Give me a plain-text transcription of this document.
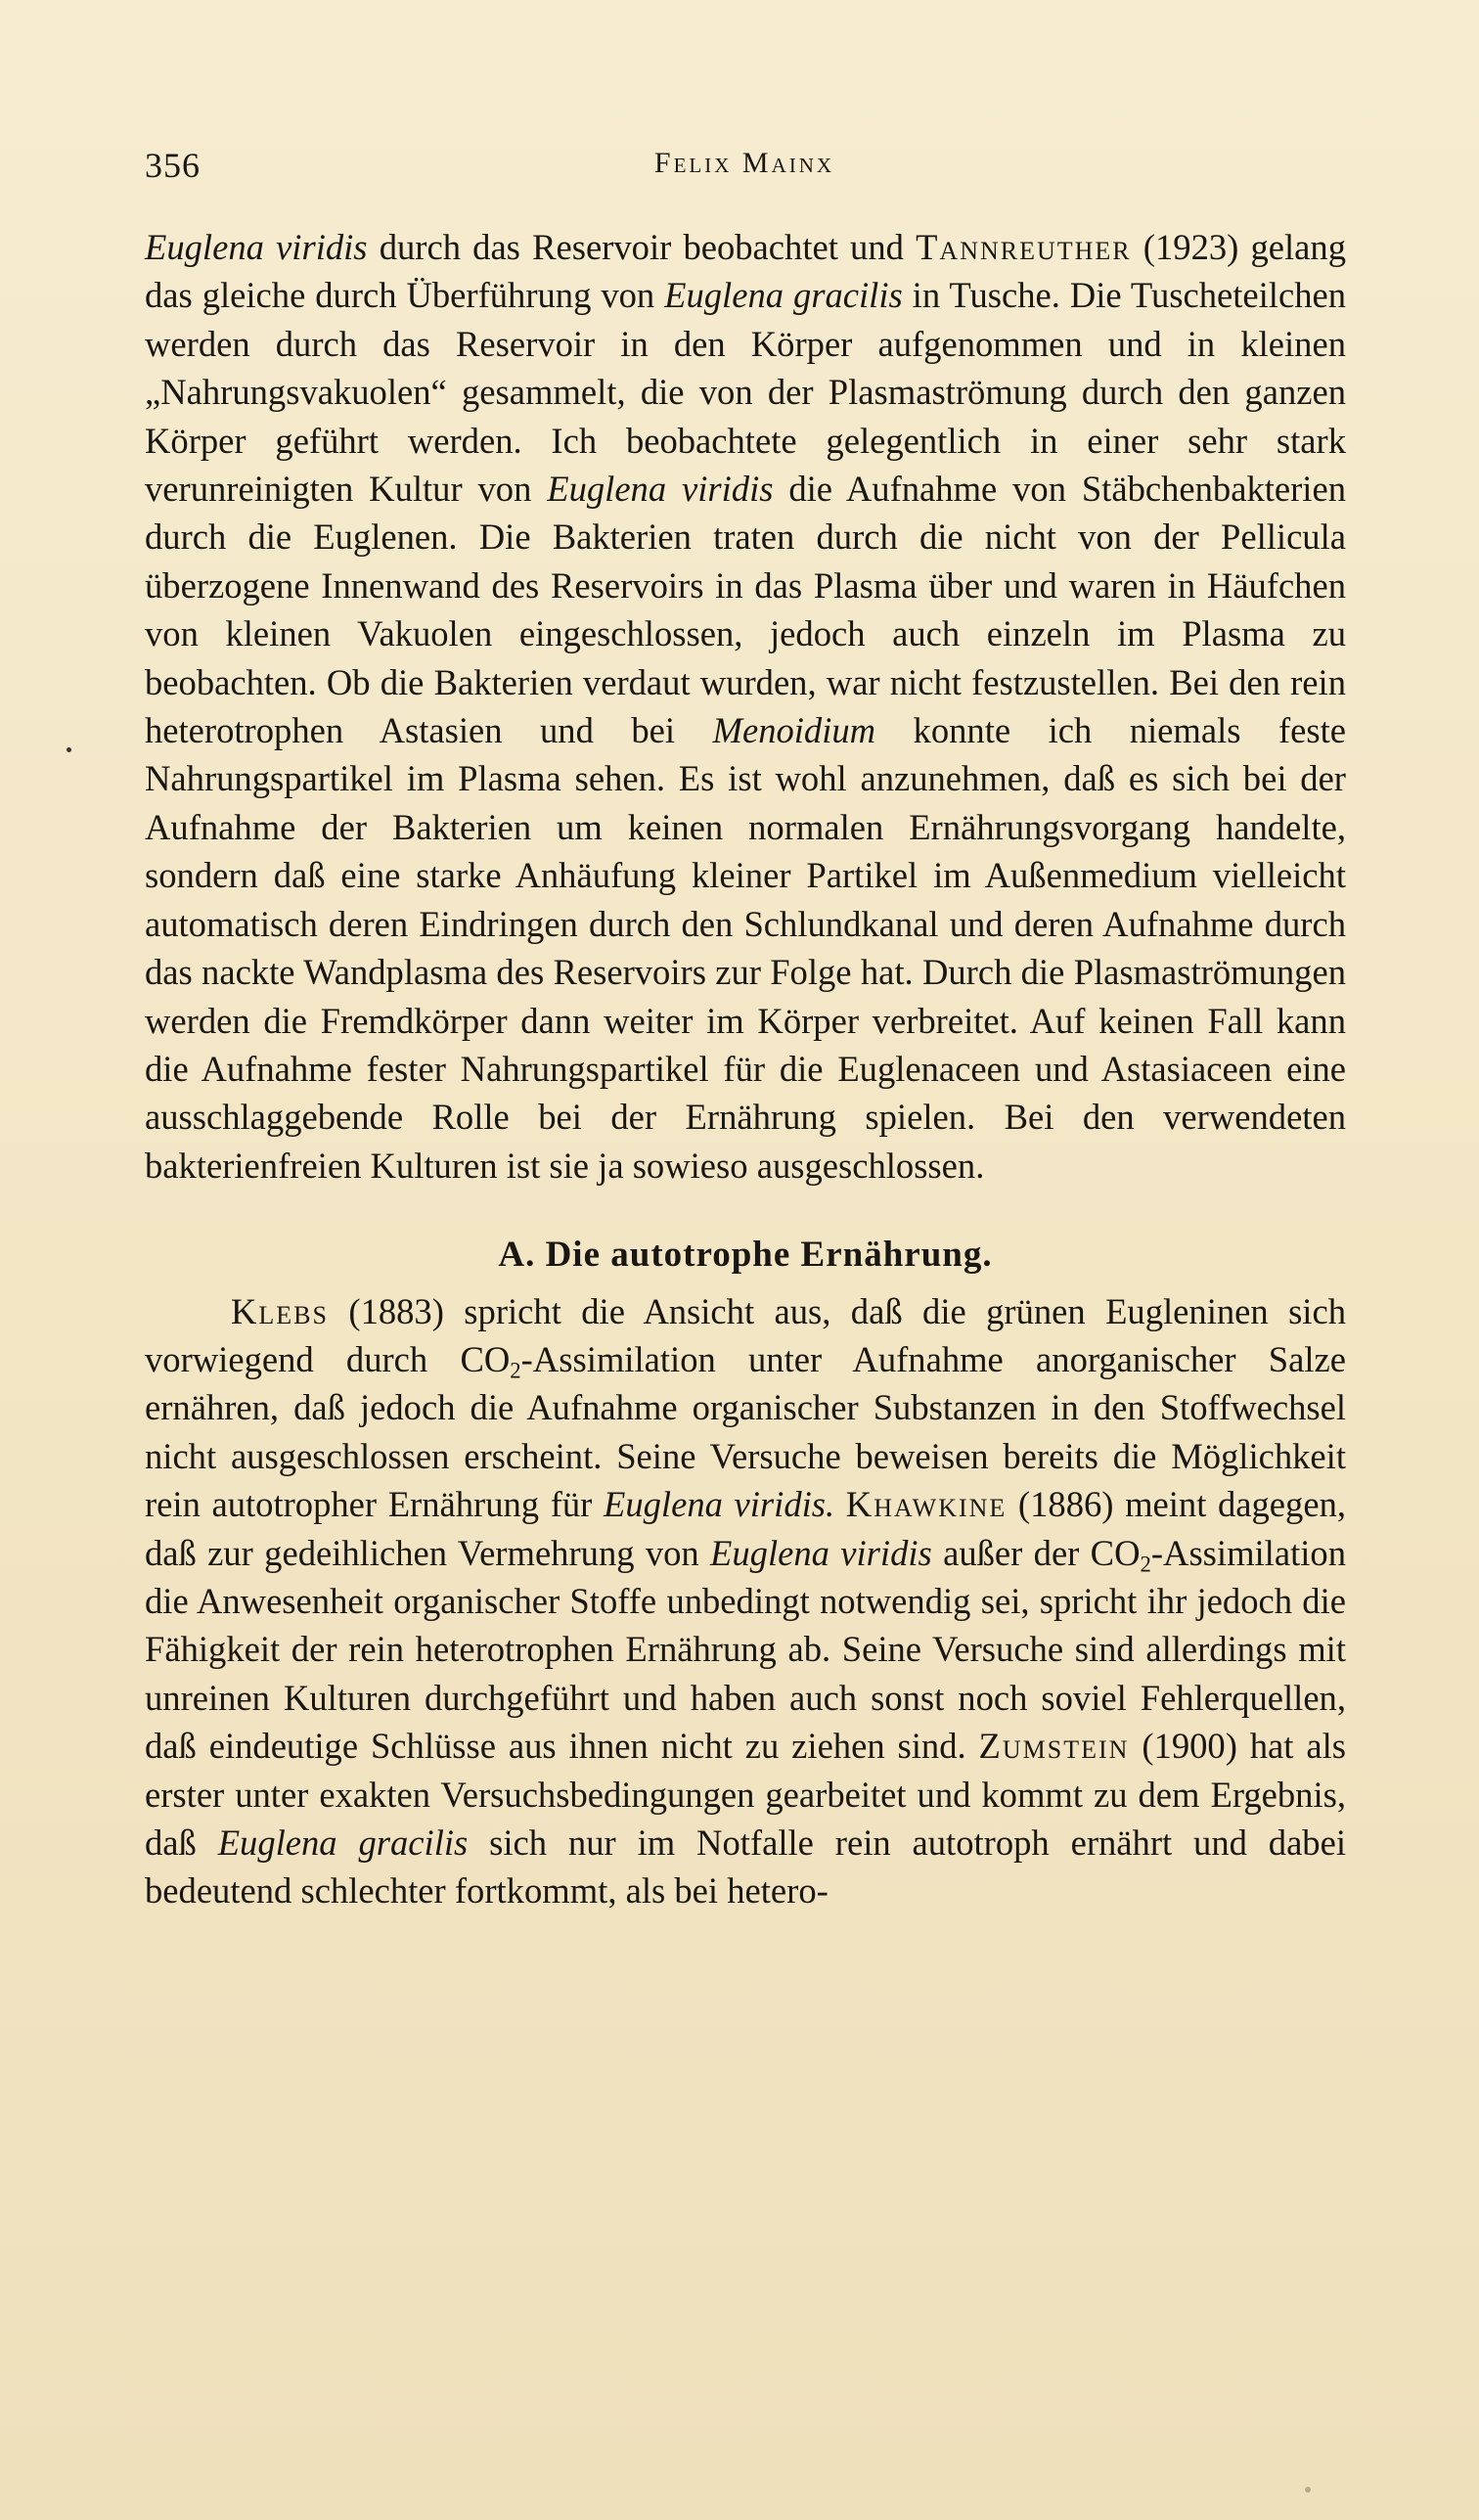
356	Felix Mainx

Euglena viridis durch das Reservoir beobachtet und Tannreuther (1923) gelang das gleiche durch Überführung von Euglena gracilis in Tusche. Die Tuscheteilchen werden durch das Reservoir in den Körper aufgenommen und in kleinen „Nahrungsvakuolen“ gesammelt, die von der Plasmaströmung durch den ganzen Körper geführt werden. Ich beobachtete gelegentlich in einer sehr stark verunreinigten Kultur von Euglena viridis die Aufnahme von Stäbchenbakterien durch die Euglenen. Die Bakterien traten durch die nicht von der Pellicula überzogene Innenwand des Reservoirs in das Plasma über und waren in Häufchen von kleinen Vakuolen eingeschlossen, jedoch auch einzeln im Plasma zu beobachten. Ob die Bakterien verdaut wurden, war nicht festzustellen. Bei den rein heterotrophen Astasien und bei Menoidium konnte ich niemals feste Nahrungspartikel im Plasma sehen. Es ist wohl anzunehmen, daß es sich bei der Aufnahme der Bakterien um keinen normalen Ernährungsvorgang handelte, sondern daß eine starke Anhäufung kleiner Partikel im Außenmedium vielleicht automatisch deren Eindringen durch den Schlundkanal und deren Aufnahme durch das nackte Wandplasma des Reservoirs zur Folge hat. Durch die Plasmaströmungen werden die Fremdkörper dann weiter im Körper verbreitet. Auf keinen Fall kann die Aufnahme fester Nahrungspartikel für die Euglenaceen und Astasiaceen eine ausschlaggebende Rolle bei der Ernährung spielen. Bei den verwendeten bakterienfreien Kulturen ist sie ja sowieso ausgeschlossen.

A. Die autotrophe Ernährung.

Klebs (1883) spricht die Ansicht aus, daß die grünen Eugleninen sich vorwiegend durch $CO_2$-Assimilation unter Aufnahme anorganischer Salze ernähren, daß jedoch die Aufnahme organischer Substanzen in den Stoffwechsel nicht ausgeschlossen erscheint. Seine Versuche beweisen bereits die Möglichkeit rein autotropher Ernährung für Euglena viridis. Khawkine (1886) meint dagegen, daß zur gedeihlichen Vermehrung von Euglena viridis außer der $CO_2$-Assimilation die Anwesenheit organischer Stoffe unbedingt notwendig sei, spricht ihr jedoch die Fähigkeit der rein heterotrophen Ernährung ab. Seine Versuche sind allerdings mit unreinen Kulturen durchgeführt und haben auch sonst noch soviel Fehlerquellen, daß eindeutige Schlüsse aus ihnen nicht zu ziehen sind. Zumstein (1900) hat als erster unter exakten Versuchsbedingungen gearbeitet und kommt zu dem Ergebnis, daß Euglena gracilis sich nur im Notfalle rein autotroph ernährt und dabei bedeutend schlechter fortkommt, als bei hetero-
